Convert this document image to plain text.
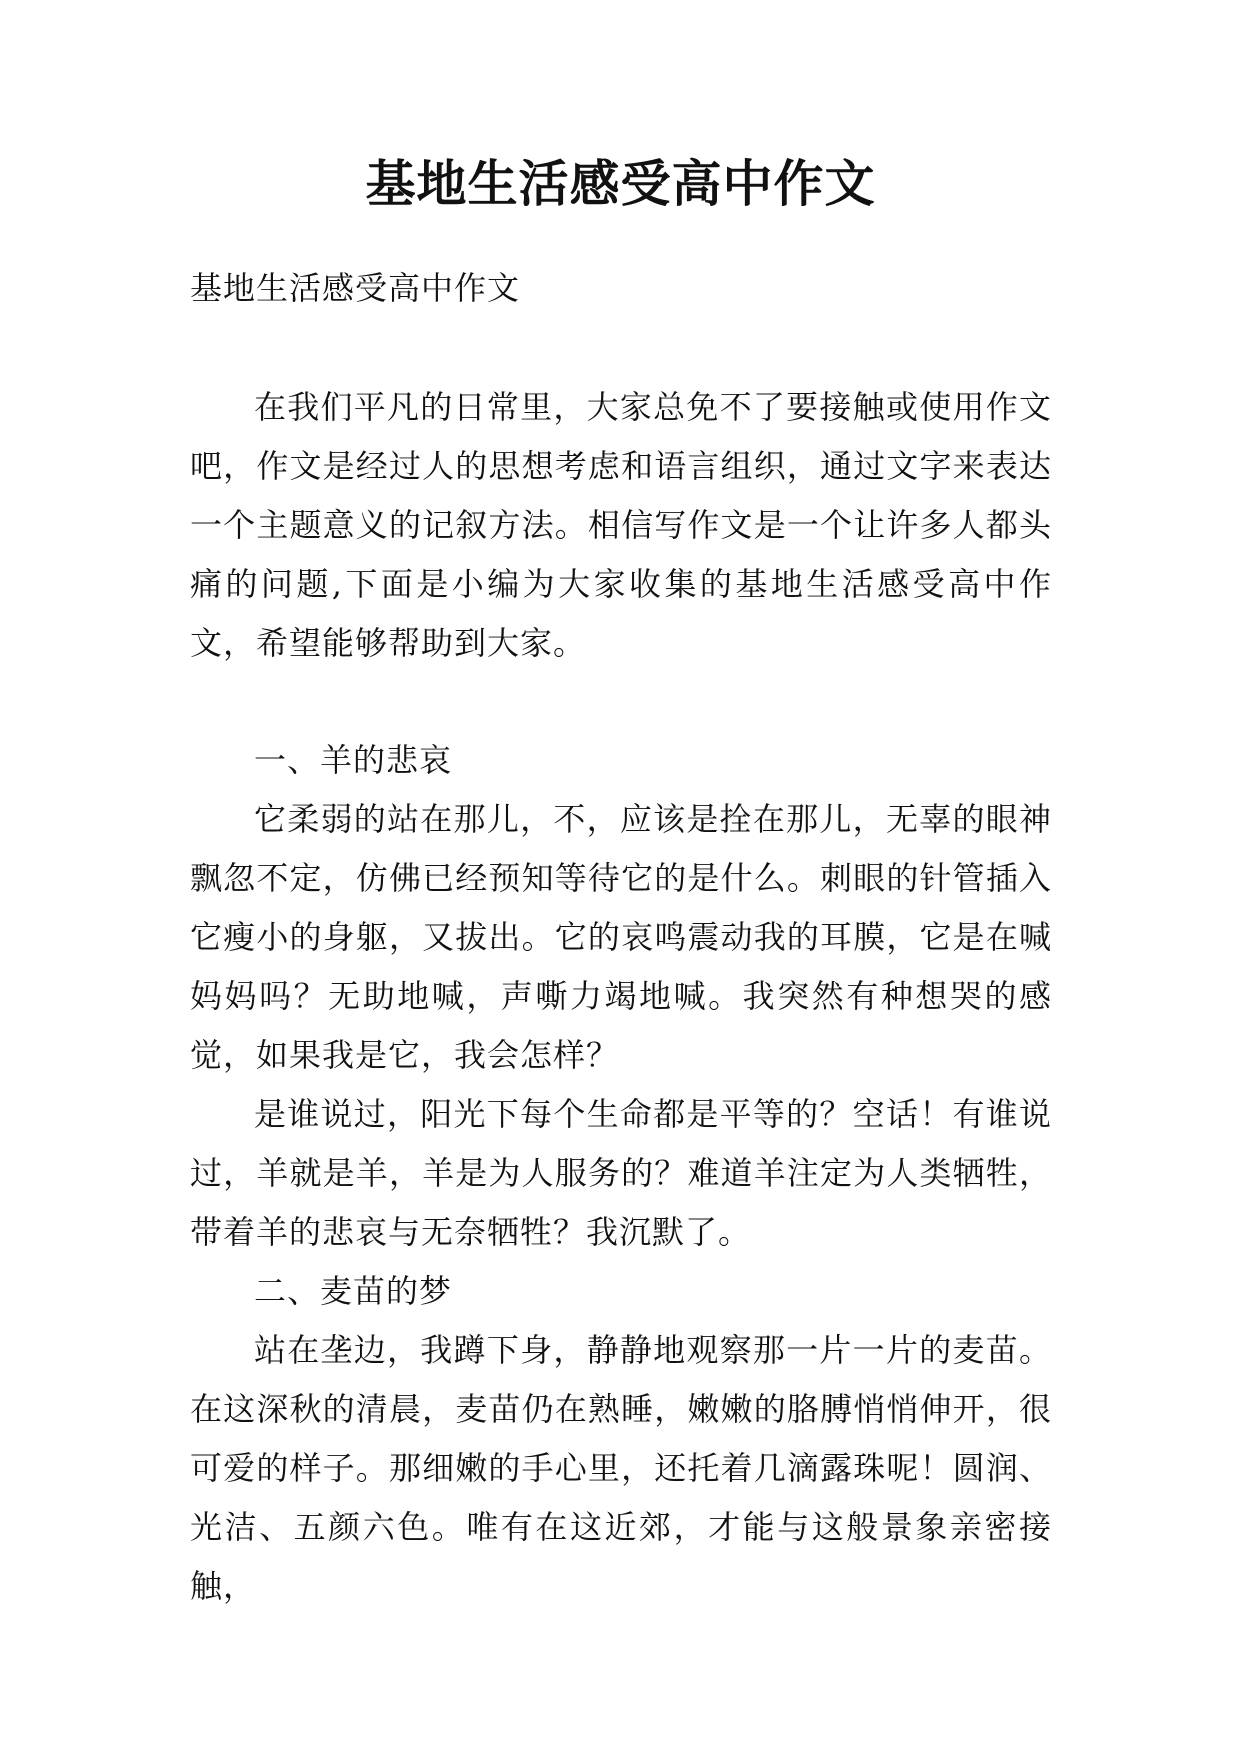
基地生活感受高中作文

基地生活感受高中作文

在我们平凡的日常里，大家总免不了要接触或使用作文吧，作文是经过人的思想考虑和语言组织，通过文字来表达一个主题意义的记叙方法。相信写作文是一个让许多人都头痛的问题,下面是小编为大家收集的基地生活感受高中作文，希望能够帮助到大家。

一、羊的悲哀

它柔弱的站在那儿，不，应该是拴在那儿，无辜的眼神飘忽不定，仿佛已经预知等待它的是什么。刺眼的针管插入它瘦小的身躯，又拔出。它的哀鸣震动我的耳膜，它是在喊妈妈吗？无助地喊，声嘶力竭地喊。我突然有种想哭的感觉，如果我是它，我会怎样？

是谁说过，阳光下每个生命都是平等的？空话！有谁说过，羊就是羊，羊是为人服务的？难道羊注定为人类牺牲，带着羊的悲哀与无奈牺牲？我沉默了。

二、麦苗的梦

站在垄边，我蹲下身，静静地观察那一片一片的麦苗。在这深秋的清晨，麦苗仍在熟睡，嫩嫩的胳膊悄悄伸开，很可爱的样子。那细嫩的手心里，还托着几滴露珠呢！圆润、光洁、五颜六色。唯有在这近郊，才能与这般景象亲密接触，
